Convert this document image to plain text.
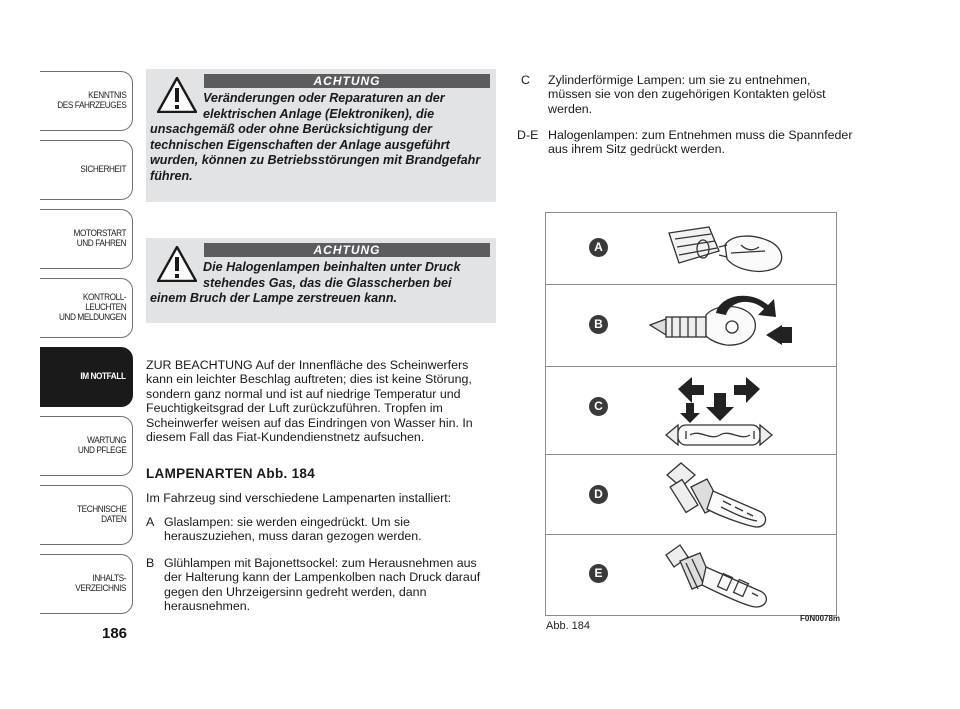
KENNTNIS
DES FAHRZEUGES
SICHERHEIT
MOTORSTART
UND FAHREN
KONTROLL-
LEUCHTEN
UND MELDUNGEN
IM NOTFALL
WARTUNG
UND PFLEGE
TECHNISCHE
DATEN
INHALTS-
VERZEICHNIS
186
ACHTUNG
Veränderungen oder Reparaturen an der elektrischen Anlage (Elektroniken), die unsachgemäß oder ohne Berücksichtigung der technischen Eigenschaften der Anlage ausgeführt wurden, können zu Betriebsstörungen mit Brandgefahr führen.
ACHTUNG
Die Halogenlampen beinhalten unter Druck stehendes Gas, das die Glasscherben bei einem Bruch der Lampe zerstreuen kann.
ZUR BEACHTUNG Auf der Innenfläche des Scheinwerfers kann ein leichter Beschlag auftreten; dies ist keine Störung, sondern ganz normal und ist auf niedrige Temperatur und Feuchtigkeitsgrad der Luft zurückzuführen. Tropfen im Scheinwerfer weisen auf das Eindringen von Wasser hin. In diesem Fall das Fiat-Kundendienstnetz aufsuchen.
LAMPENARTEN Abb. 184
Im Fahrzeug sind verschiedene Lampenarten installiert:
A Glaslampen: sie werden eingedrückt. Um sie herauszuziehen, muss daran gezogen werden.
B Glühlampen mit Bajonettsockel: zum Herausnehmen aus der Halterung kann der Lampenkolben nach Druck darauf gegen den Uhrzeigersinn gedreht werden, dann herausnehmen.
C Zylinderförmige Lampen: um sie zu entnehmen, müssen sie von den zugehörigen Kontakten gelöst werden.
D-E Halogenlampen: zum Entnehmen muss die Spannfeder aus ihrem Sitz gedrückt werden.
A
B
C
D
E
Abb. 184
F0N0078m
